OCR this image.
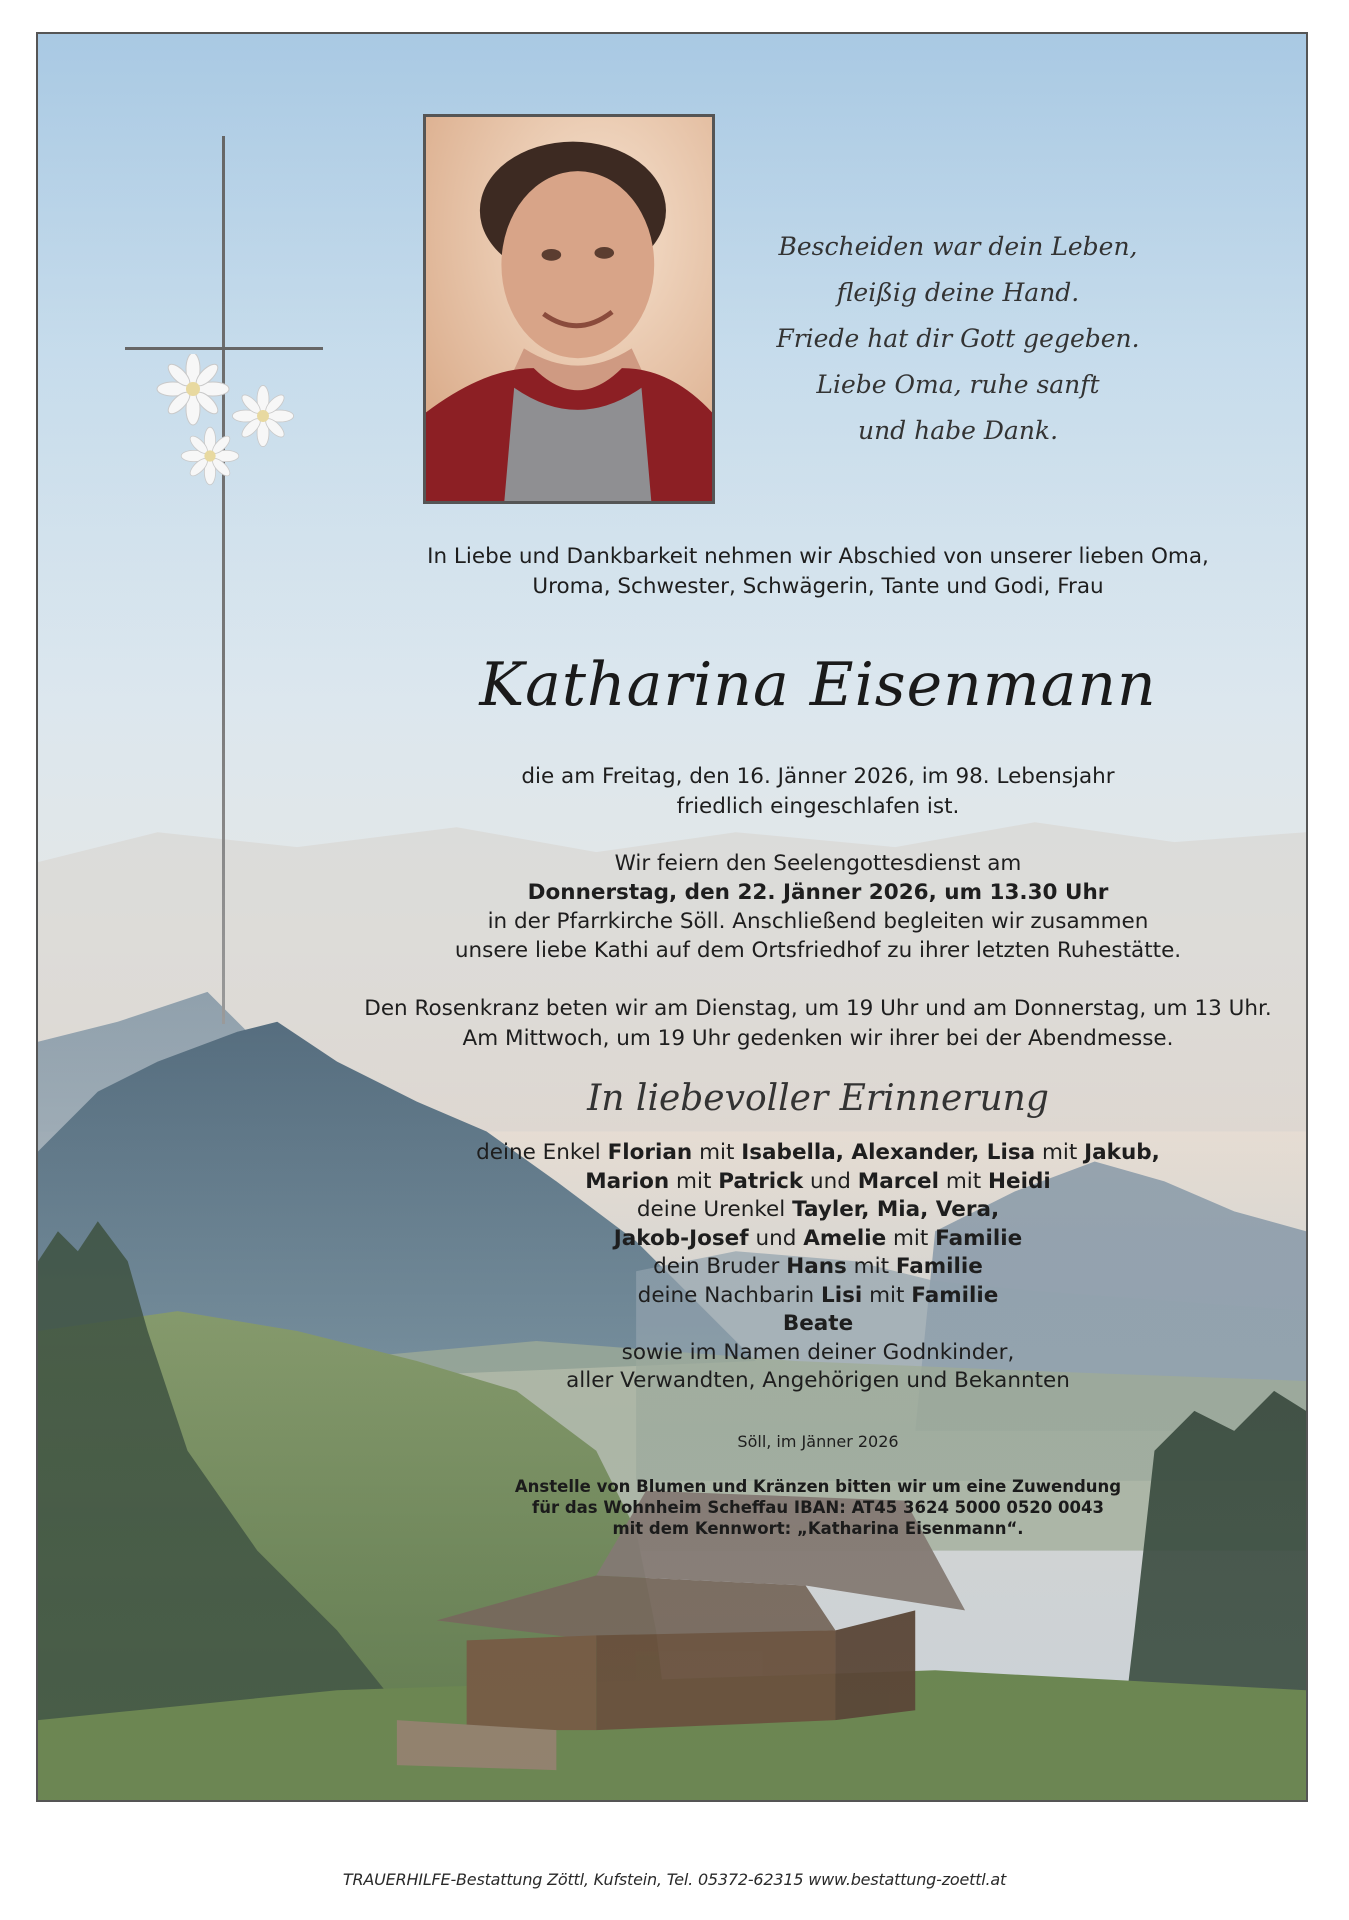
Bescheiden war dein Leben,
fleißig deine Hand.
Friede hat dir Gott gegeben.
Liebe Oma, ruhe sanft
und habe Dank.
In Liebe und Dankbarkeit nehmen wir Abschied von unserer lieben Oma,
Uroma, Schwester, Schwägerin, Tante und Godi, Frau
Katharina Eisenmann
die am Freitag, den 16. Jänner 2026, im 98. Lebensjahr
friedlich eingeschlafen ist.
Wir feiern den Seelengottesdienst am
Donnerstag, den 22. Jänner 2026, um 13.30 Uhr
in der Pfarrkirche Söll. Anschließend begleiten wir zusammen
unsere liebe Kathi auf dem Ortsfriedhof zu ihrer letzten Ruhestätte.
Den Rosenkranz beten wir am Dienstag, um 19 Uhr und am Donnerstag, um 13 Uhr.
Am Mittwoch, um 19 Uhr gedenken wir ihrer bei der Abendmesse.
In liebevoller Erinnerung
deine Enkel Florian mit Isabella, Alexander, Lisa mit Jakub,
Marion mit Patrick und Marcel mit Heidi
deine Urenkel Tayler, Mia, Vera,
Jakob-Josef und Amelie mit Familie
dein Bruder Hans mit Familie
deine Nachbarin Lisi mit Familie
Beate
sowie im Namen deiner Godnkinder,
aller Verwandten, Angehörigen und Bekannten
Söll, im Jänner 2026
Anstelle von Blumen und Kränzen bitten wir um eine Zuwendung
für das Wohnheim Scheffau IBAN: AT45 3624 5000 0520 0043
mit dem Kennwort: „Katharina Eisenmann“.
TRAUERHILFE-Bestattung Zöttl, Kufstein, Tel. 05372-62315 www.bestattung-zoettl.at
